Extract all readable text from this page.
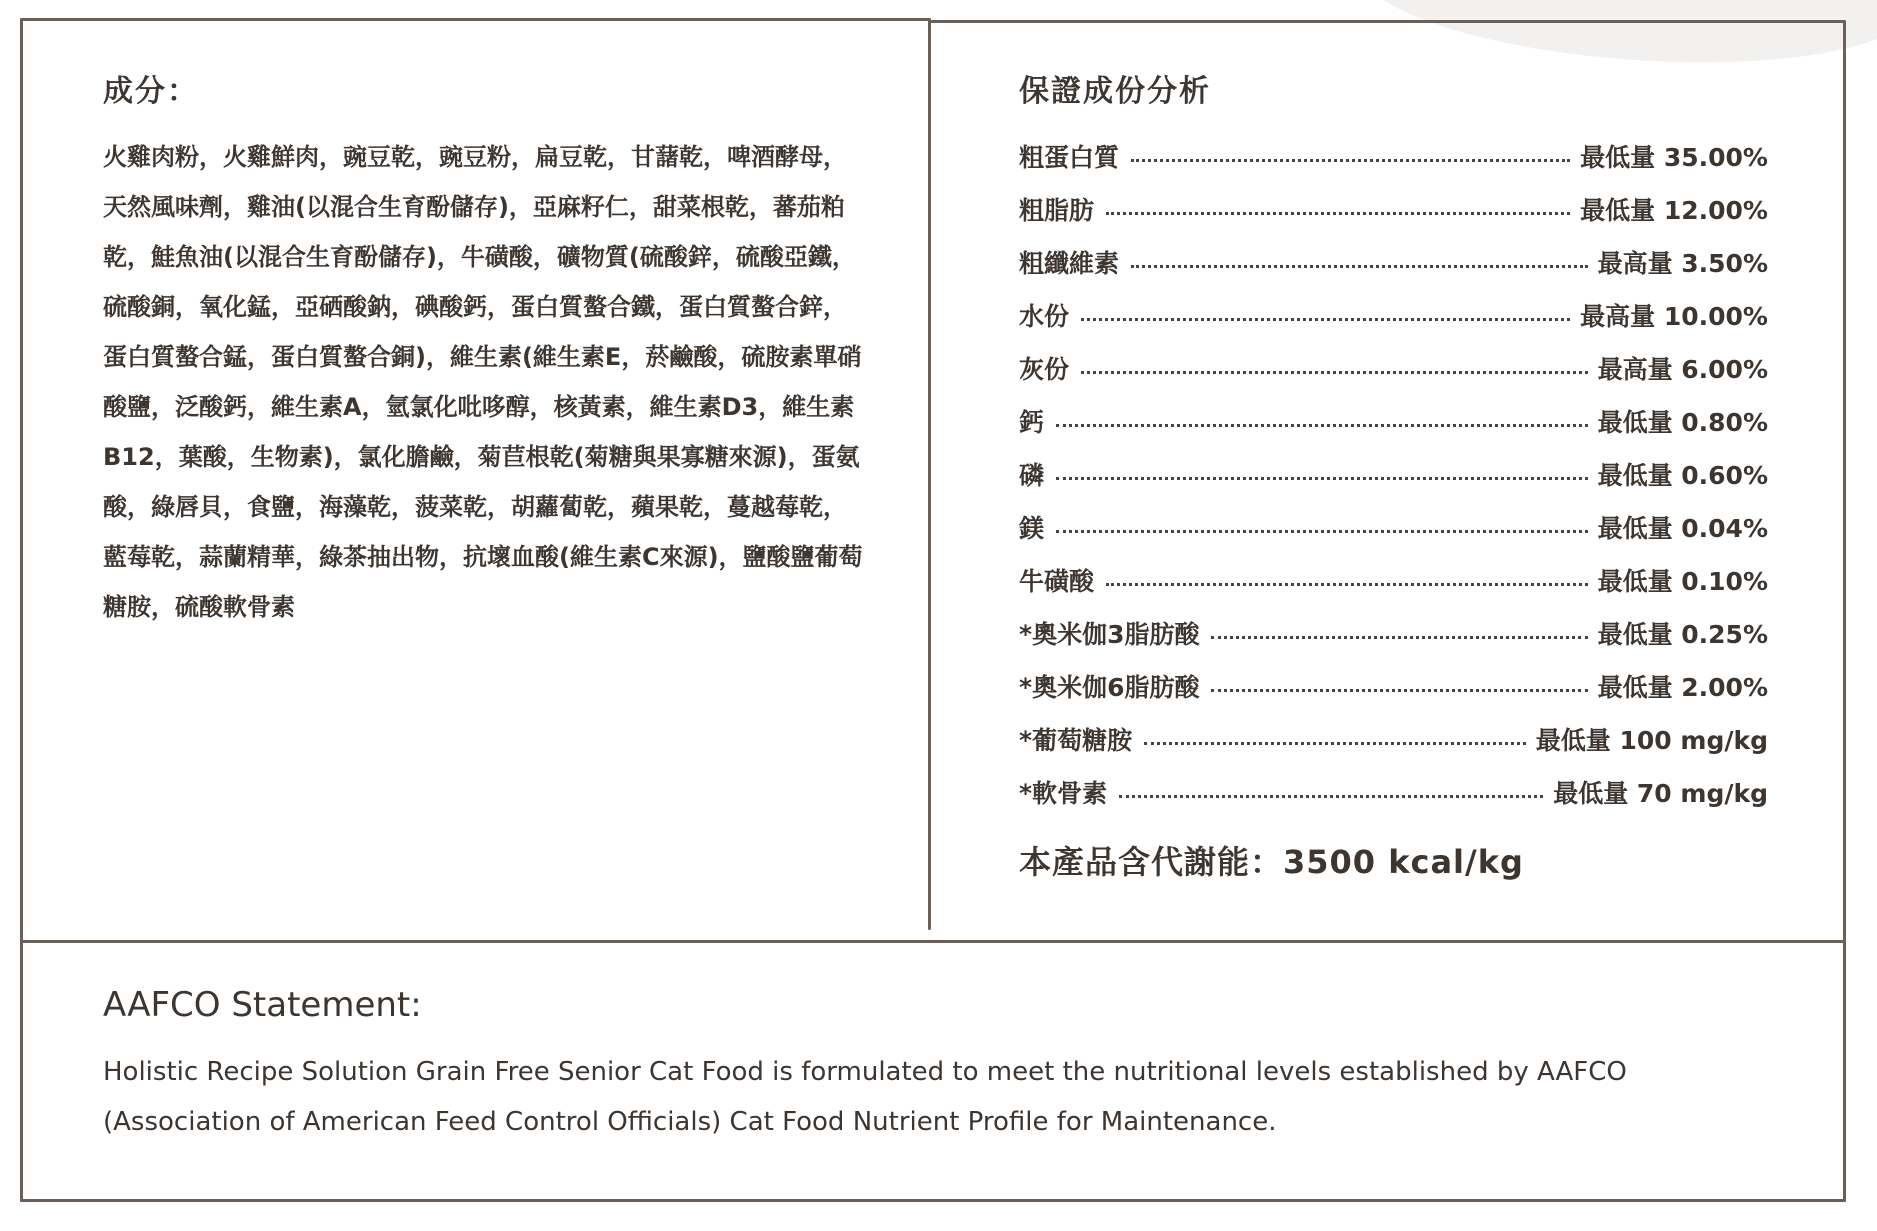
成分：
火雞肉粉，火雞鮮肉，豌豆乾，豌豆粉，扁豆乾，甘藷乾，啤酒酵母，天然風味劑，雞油(以混合生育酚儲存)，亞麻籽仁，甜菜根乾，蕃茄粕乾，鮭魚油(以混合生育酚儲存)，牛磺酸，礦物質(硫酸鋅，硫酸亞鐵，硫酸銅，氧化錳，亞硒酸鈉，碘酸鈣，蛋白質螯合鐵，蛋白質螯合鋅，蛋白質螯合錳，蛋白質螯合銅)，維生素(維生素E，菸鹼酸，硫胺素單硝酸鹽，泛酸鈣，維生素A，氫氯化吡哆醇，核黃素，維生素D3，維生素B12，葉酸，生物素)，氯化膽鹼，菊苣根乾(菊糖與果寡糖來源)，蛋氨酸，綠唇貝，食鹽，海藻乾，菠菜乾，胡蘿蔔乾，蘋果乾，蔓越莓乾，藍莓乾，蒜蘭精華，綠茶抽出物，抗壞血酸(維生素C來源)，鹽酸鹽葡萄糖胺，硫酸軟骨素
保證成份分析
粗蛋白質	最低量 35.00%
粗脂肪	最低量 12.00%
粗纖維素	最高量 3.50%
水份	最高量 10.00%
灰份	最高量 6.00%
鈣	最低量 0.80%
磷	最低量 0.60%
鎂	最低量 0.04%
牛磺酸	最低量 0.10%
*奧米伽3脂肪酸	最低量 0.25%
*奧米伽6脂肪酸	最低量 2.00%
*葡萄糖胺	最低量 100 mg/kg
*軟骨素	最低量 70 mg/kg
本產品含代謝能：3500 kcal/kg
AAFCO Statement:
Holistic Recipe Solution Grain Free Senior Cat Food is formulated to meet the nutritional levels established by AAFCO (Association of American Feed Control Officials) Cat Food Nutrient Profile for Maintenance.
